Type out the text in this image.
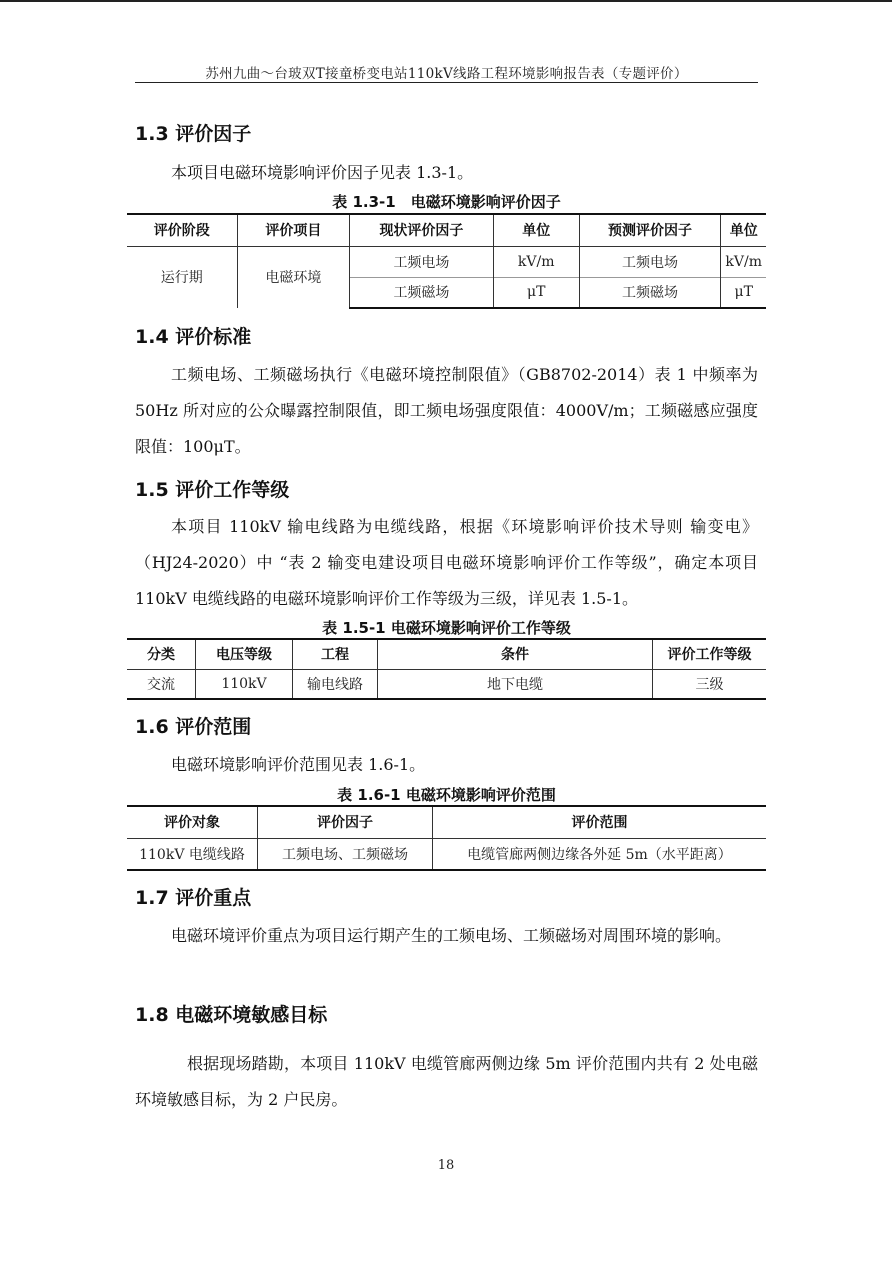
苏州九曲～台玻双T接童桥变电站110kV线路工程环境影响报告表（专题评价）
1.3 评价因子
本项目电磁环境影响评价因子见表 1.3-1。
表 1.3-1　电磁环境影响评价因子
评价阶段	评价项目	现状评价因子	单位	预测评价因子	单位
运行期	电磁环境	工频电场	kV/m	工频电场	kV/m
		工频磁场	μT	工频磁场	μT
1.4 评价标准
工频电场、工频磁场执行《电磁环境控制限值》（GB8702-2014）表 1 中频率为 50Hz 所对应的公众曝露控制限值，即工频电场强度限值：4000V/m；工频磁感应强度限值：100μT。
1.5 评价工作等级
本项目 110kV 输电线路为电缆线路，根据《环境影响评价技术导则 输变电》（HJ24-2020）中 “表 2 输变电建设项目电磁环境影响评价工作等级”，确定本项目 110kV 电缆线路的电磁环境影响评价工作等级为三级，详见表 1.5-1。
表 1.5-1 电磁环境影响评价工作等级
分类	电压等级	工程	条件	评价工作等级
交流	110kV	输电线路	地下电缆	三级
1.6 评价范围
电磁环境影响评价范围见表 1.6-1。
表 1.6-1 电磁环境影响评价范围
评价对象	评价因子	评价范围
110kV 电缆线路	工频电场、工频磁场	电缆管廊两侧边缘各外延 5m（水平距离）
1.7 评价重点
电磁环境评价重点为项目运行期产生的工频电场、工频磁场对周围环境的影响。
1.8 电磁环境敏感目标
根据现场踏勘，本项目 110kV 电缆管廊两侧边缘 5m 评价范围内共有 2 处电磁环境敏感目标，为 2 户民房。
18
